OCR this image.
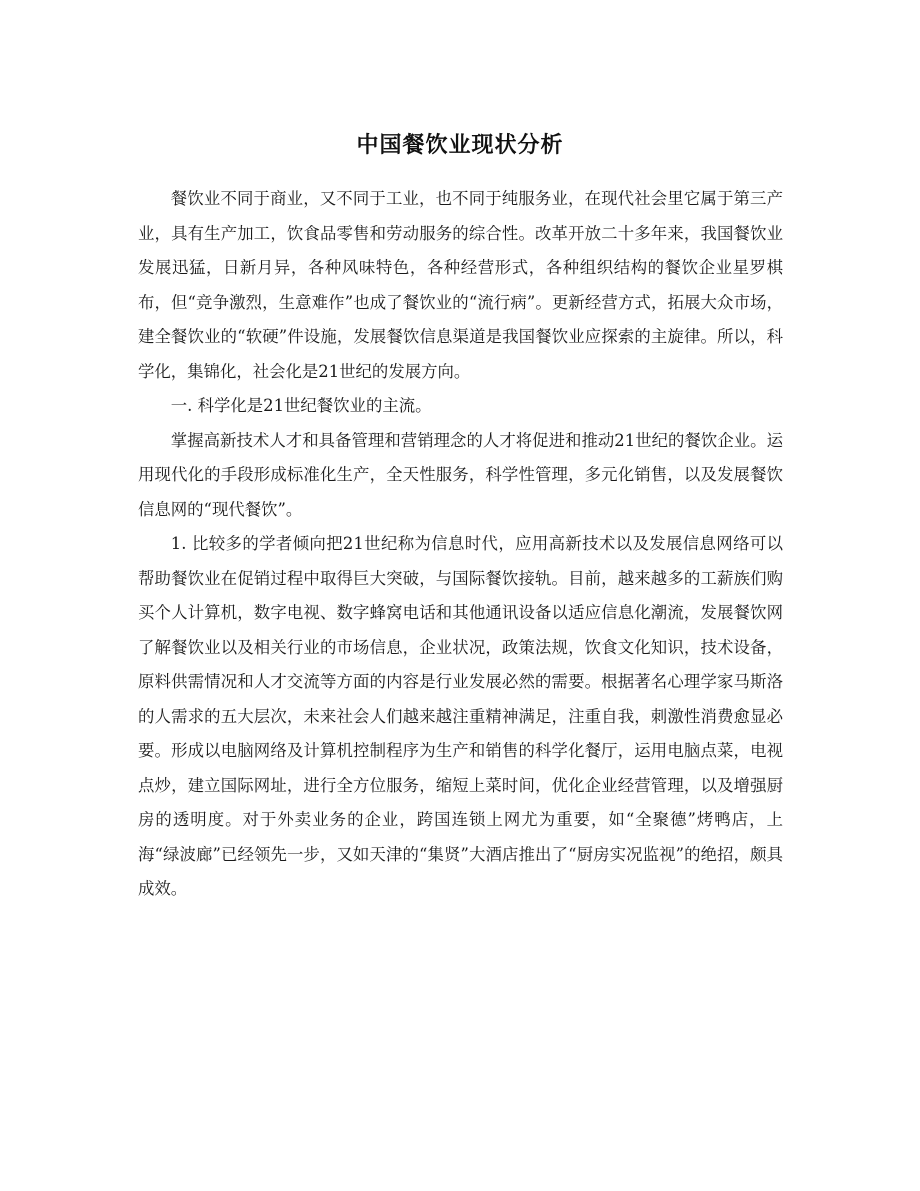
中国餐饮业现状分析

餐饮业不同于商业，又不同于工业，也不同于纯服务业，在现代社会里它属于第三产业，具有生产加工，饮食品零售和劳动服务的综合性。改革开放二十多年来，我国餐饮业发展迅猛，日新月异，各种风味特色，各种经营形式，各种组织结构的餐饮企业星罗棋布，但“竞争激烈，生意难作”也成了餐饮业的“流行病”。更新经营方式，拓展大众市场，建全餐饮业的“软硬”件设施，发展餐饮信息渠道是我国餐饮业应探索的主旋律。所以，科学化，集锦化，社会化是21世纪的发展方向。

一. 科学化是21世纪餐饮业的主流。

掌握高新技术人才和具备管理和营销理念的人才将促进和推动21世纪的餐饮企业。运用现代化的手段形成标准化生产，全天性服务，科学性管理，多元化销售，以及发展餐饮信息网的“现代餐饮”。

1. 比较多的学者倾向把21世纪称为信息时代，应用高新技术以及发展信息网络可以帮助餐饮业在促销过程中取得巨大突破，与国际餐饮接轨。目前，越来越多的工薪族们购买个人计算机，数字电视、数字蜂窝电话和其他通讯设备以适应信息化潮流，发展餐饮网了解餐饮业以及相关行业的市场信息，企业状况，政策法规，饮食文化知识，技术设备，原料供需情况和人才交流等方面的内容是行业发展必然的需要。根据著名心理学家马斯洛的人需求的五大层次，未来社会人们越来越注重精神满足，注重自我，刺激性消费愈显必要。形成以电脑网络及计算机控制程序为生产和销售的科学化餐厅，运用电脑点菜，电视点炒，建立国际网址，进行全方位服务，缩短上菜时间，优化企业经营管理，以及增强厨房的透明度。对于外卖业务的企业，跨国连锁上网尤为重要，如“全聚德”烤鸭店，上海“绿波廊”已经领先一步，又如天津的“集贤”大酒店推出了“厨房实况监视”的绝招，颇具成效。
